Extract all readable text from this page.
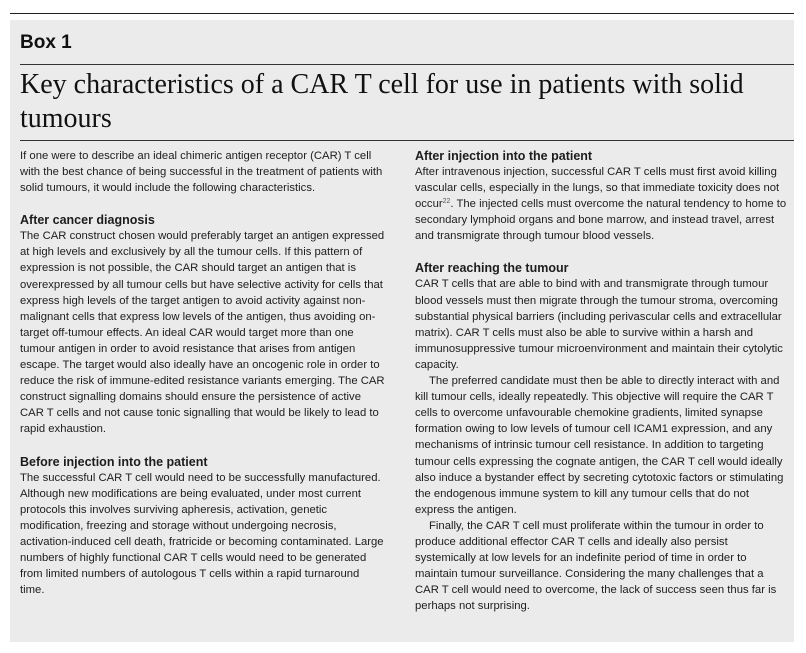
Box 1
Key characteristics of a CAR T cell for use in patients with solid tumours

If one were to describe an ideal chimeric antigen receptor (CAR) T cell with the best chance of being successful in the treatment of patients with solid tumours, it would include the following characteristics.

After cancer diagnosis

The CAR construct chosen would preferably target an antigen expressed at high levels and exclusively by all the tumour cells. If this pattern of expression is not possible, the CAR should target an antigen that is overexpressed by all tumour cells but have selective activity for cells that express high levels of the target antigen to avoid activity against non-malignant cells that express low levels of the antigen, thus avoiding on-target off-tumour effects. An ideal CAR would target more than one tumour antigen in order to avoid resistance that arises from antigen escape. The target would also ideally have an oncogenic role in order to reduce the risk of immune-edited resistance variants emerging. The CAR construct signalling domains should ensure the persistence of active CAR T cells and not cause tonic signalling that would be likely to lead to rapid exhaustion.

Before injection into the patient

The successful CAR T cell would need to be successfully manufactured. Although new modifications are being evaluated, under most current protocols this involves surviving apheresis, activation, genetic modification, freezing and storage without undergoing necrosis, activation-induced cell death, fratricide or becoming contaminated. Large numbers of highly functional CAR T cells would need to be generated from limited numbers of autologous T cells within a rapid turnaround time.

After injection into the patient

After intravenous injection, successful CAR T cells must first avoid killing vascular cells, especially in the lungs, so that immediate toxicity does not occur$^{22}$. The injected cells must overcome the natural tendency to home to secondary lymphoid organs and bone marrow, and instead travel, arrest and transmigrate through tumour blood vessels.

After reaching the tumour

CAR T cells that are able to bind with and transmigrate through tumour blood vessels must then migrate through the tumour stroma, overcoming substantial physical barriers (including perivascular cells and extracellular matrix). CAR T cells must also be able to survive within a harsh and immunosuppressive tumour microenvironment and maintain their cytolytic capacity.

The preferred candidate must then be able to directly interact with and kill tumour cells, ideally repeatedly. This objective will require the CAR T cells to overcome unfavourable chemokine gradients, limited synapse formation owing to low levels of tumour cell ICAM1 expression, and any mechanisms of intrinsic tumour cell resistance. In addition to targeting tumour cells expressing the cognate antigen, the CAR T cell would ideally also induce a bystander effect by secreting cytotoxic factors or stimulating the endogenous immune system to kill any tumour cells that do not express the antigen.

Finally, the CAR T cell must proliferate within the tumour in order to produce additional effector CAR T cells and ideally also persist systemically at low levels for an indefinite period of time in order to maintain tumour surveillance. Considering the many challenges that a CAR T cell would need to overcome, the lack of success seen thus far is perhaps not surprising.
